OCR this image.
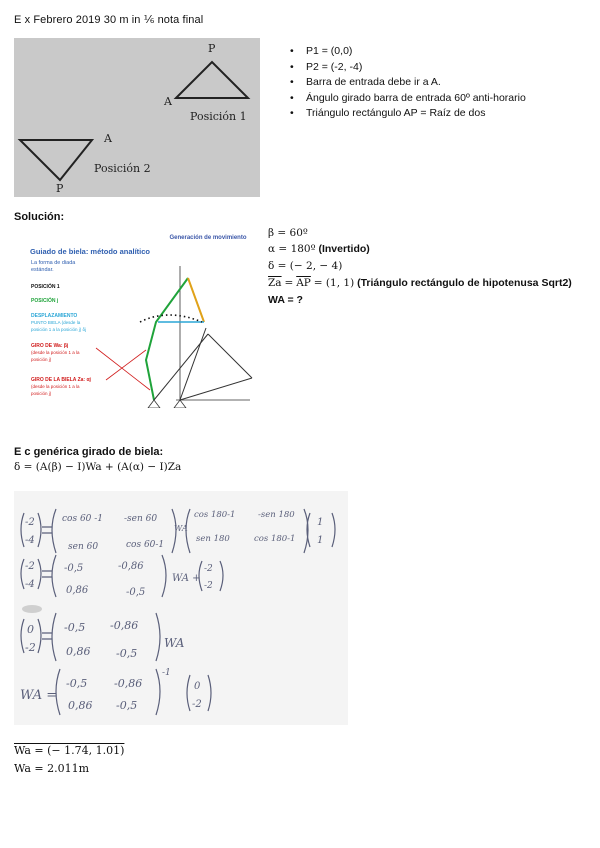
E x Febrero 2019 30 m in ⅙ nota final
P
A
Posición 1
A
P
Posición 2
• P1 = (0,0)
• P2 = (-2, -4)
• Barra de entrada debe ir a A.
• Ángulo girado barra de entrada 60º anti-horario
• Triángulo rectángulo AP = Raíz de dos
Solución:
Generación de movimiento
Guiado de biela: método analítico
La forma de diada
estándar.
POSICIÓN 1
POSICIÓN j
DESPLAZAMIENTO
PUNTO BIELA (desde la
posición 1 a la posición j) δj
GIRO DE Wa: βj
(desde la posición 1 a la
posición j)
GIRO DE LA BIELA Za: αj
(desde la posición 1 a la
posición j)
β = 60º
α = 180º (Invertido)
δ = (− 2, − 4)
$\overline{Za} = \overline{AP} = (1$, 1) (Triángulo rectángulo de hipotenusa Sqrt2)
WA = ?
E c genérica girado de biela:
δ = (A(β) − I)Wa + (A(α) − I)Za
-2
-4
cos 60 -1 -sen 60
sen 60	cos 60-1
WA
cos 180-1	-sen 180
sen 180	cos 180-1
1
1
-2
-4
-0,5	-0,86
0,86	-0,5
WA +
-2
-2
0
-2
-0,5 -0,86
0,86 -0,5
WA
WA =
-0,5 -0,86
0,86 -0,5
-1
0
-2
Wa = (− 1.74, 1.01)
Wa = 2.011m
